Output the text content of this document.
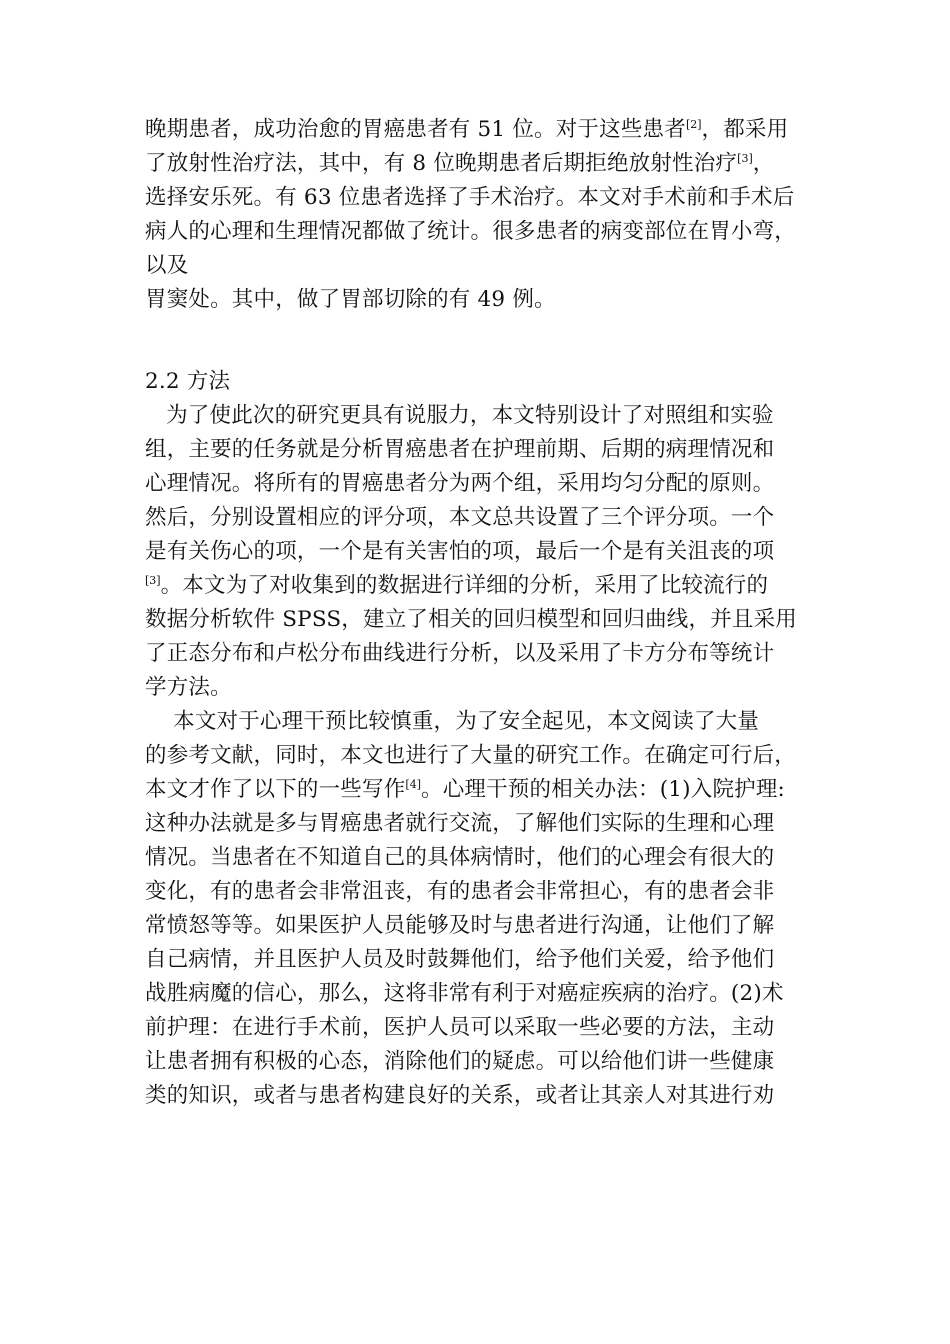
晚期患者，成功治愈的胃癌患者有 51 位。对于这些患者[2]，都采用
了放射性治疗法，其中，有 8 位晚期患者后期拒绝放射性治疗[3]，
选择安乐死。有 63 位患者选择了手术治疗。本文对手术前和手术后
病人的心理和生理情况都做了统计。很多患者的病变部位在胃小弯，
以及
胃窦处。其中，做了胃部切除的有 49 例。
2.2 方法
为了使此次的研究更具有说服力，本文特别设计了对照组和实验
组，主要的任务就是分析胃癌患者在护理前期、后期的病理情况和
心理情况。将所有的胃癌患者分为两个组，采用均匀分配的原则。
然后，分别设置相应的评分项，本文总共设置了三个评分项。一个
是有关伤心的项，一个是有关害怕的项，最后一个是有关沮丧的项
[3]。本文为了对收集到的数据进行详细的分析，采用了比较流行的
数据分析软件 SPSS，建立了相关的回归模型和回归曲线，并且采用
了正态分布和卢松分布曲线进行分析，以及采用了卡方分布等统计
学方法。
本文对于心理干预比较慎重，为了安全起见，本文阅读了大量
的参考文献，同时，本文也进行了大量的研究工作。在确定可行后，
本文才作了以下的一些写作[4]。心理干预的相关办法：(1)入院护理:
这种办法就是多与胃癌患者就行交流，了解他们实际的生理和心理
情况。当患者在不知道自己的具体病情时，他们的心理会有很大的
变化，有的患者会非常沮丧，有的患者会非常担心，有的患者会非
常愤怒等等。如果医护人员能够及时与患者进行沟通，让他们了解
自己病情，并且医护人员及时鼓舞他们，给予他们关爱，给予他们
战胜病魔的信心，那么，这将非常有利于对癌症疾病的治疗。(2)术
前护理：在进行手术前，医护人员可以采取一些必要的方法，主动
让患者拥有积极的心态，消除他们的疑虑。可以给他们讲一些健康
类的知识，或者与患者构建良好的关系，或者让其亲人对其进行劝
